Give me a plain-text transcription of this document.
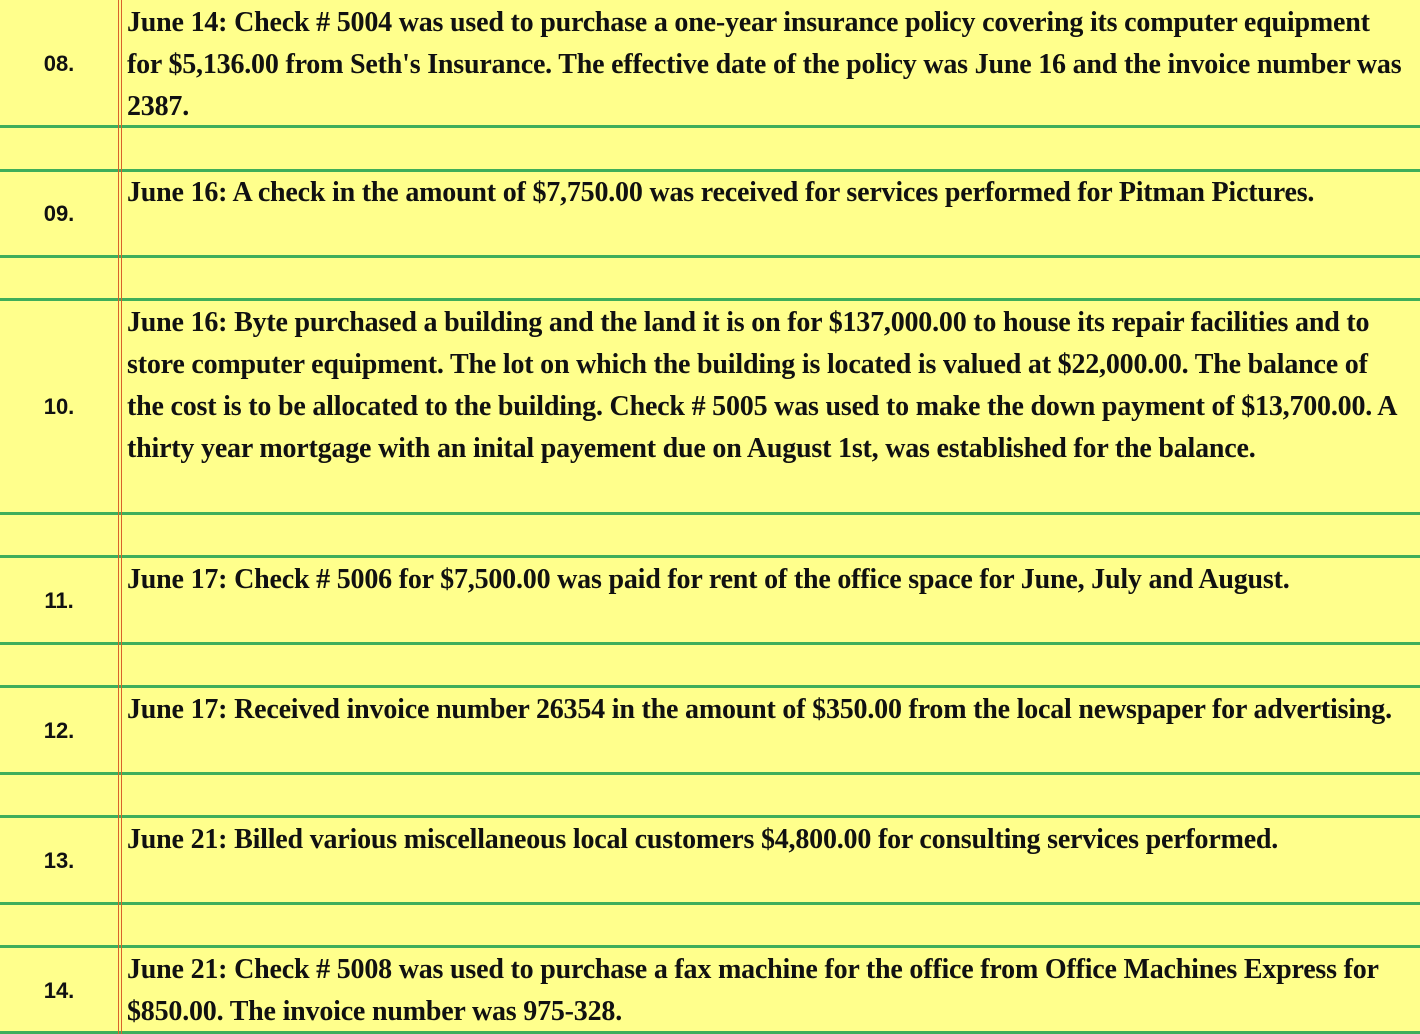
08.
June 14: Check # 5004 was used to purchase a one-year insurance policy covering its computer equipment for $5,136.00 from Seth's Insurance. The effective date of the policy was June 16 and the invoice number was 2387.
09.
June 16: A check in the amount of $7,750.00 was received for services performed for Pitman Pictures.
10.
June 16: Byte purchased a building and the land it is on for $137,000.00 to house its repair facilities and to store computer equipment. The lot on which the building is located is valued at $22,000.00. The balance of the cost is to be allocated to the building. Check # 5005 was used to make the down payment of $13,700.00. A thirty year mortgage with an inital payement due on August 1st, was established for the balance.
11.
June 17: Check # 5006 for $7,500.00 was paid for rent of the office space for June, July and August.
12.
June 17: Received invoice number 26354 in the amount of $350.00 from the local newspaper for advertising.
13.
June 21: Billed various miscellaneous local customers $4,800.00 for consulting services performed.
14.
June 21: Check # 5008 was used to purchase a fax machine for the office from Office Machines Express for $850.00. The invoice number was 975-328.
